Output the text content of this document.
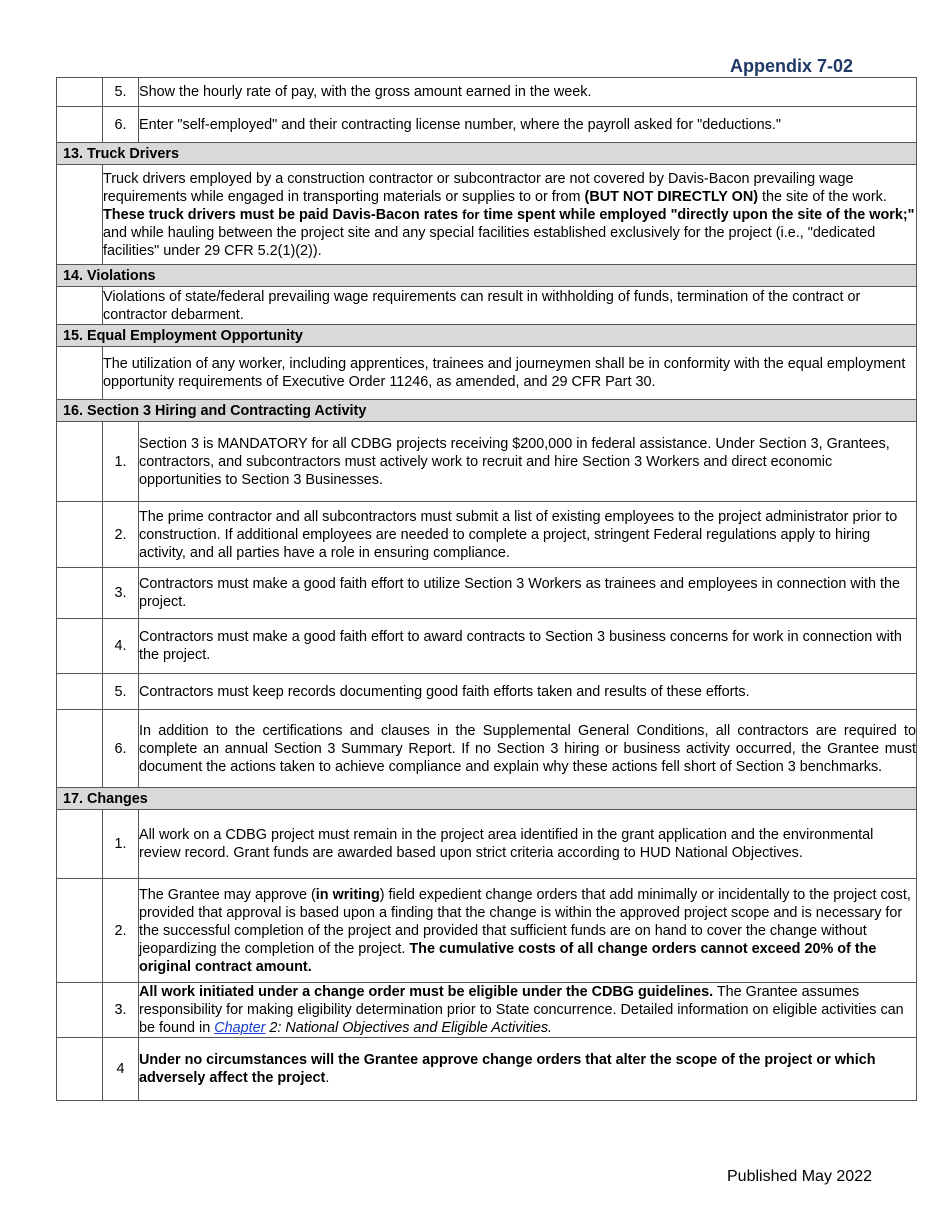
Appendix 7-02

	5.	Show the hourly rate of pay, with the gross amount earned in the week.
	6.	Enter "self-employed" and their contracting license number, where the payroll asked for "deductions."
13. Truck Drivers		
	Truck drivers employed by a construction contractor or subcontractor are not covered by Davis-Bacon prevailing wage requirements while engaged in transporting materials or supplies to or from (BUT NOT DIRECTLY ON) the site of the work. These truck drivers must be paid Davis-Bacon rates for time spent while employed "directly upon the site of the work;" and while hauling between the project site and any special facilities established exclusively for the project (i.e., "dedicated facilities" under 29 CFR 5.2(1)(2)).	
14. Violations		
	Violations of state/federal prevailing wage requirements can result in withholding of funds, termination of the contract or contractor debarment.	
15. Equal Employment Opportunity		
	The utilization of any worker, including apprentices, trainees and journeymen shall be in conformity with the equal employment opportunity requirements of Executive Order 11246, as amended, and 29 CFR Part 30.	
16. Section 3 Hiring and Contracting Activity		
	1.	Section 3 is MANDATORY for all CDBG projects receiving $200,000 in federal assistance. Under Section 3, Grantees, contractors, and subcontractors must actively work to recruit and hire Section 3 Workers and direct economic opportunities to Section 3 Businesses.
	2.	The prime contractor and all subcontractors must submit a list of existing employees to the project administrator prior to construction. If additional employees are needed to complete a project, stringent Federal regulations apply to hiring activity, and all parties have a role in ensuring compliance.
	3.	Contractors must make a good faith effort to utilize Section 3 Workers as trainees and employees in connection with the project.
	4.	Contractors must make a good faith effort to award contracts to Section 3 business concerns for work in connection with the project.
	5.	Contractors must keep records documenting good faith efforts taken and results of these efforts.
	6.	In addition to the certifications and clauses in the Supplemental General Conditions, all contractors are required to complete an annual Section 3 Summary Report. If no Section 3 hiring or business activity occurred, the Grantee must document the actions taken to achieve compliance and explain why these actions fell short of Section 3 benchmarks.
17. Changes		
	1.	All work on a CDBG project must remain in the project area identified in the grant application and the environmental review record. Grant funds are awarded based upon strict criteria according to HUD National Objectives.
	2.	The Grantee may approve (in writing) field expedient change orders that add minimally or incidentally to the project cost, provided that approval is based upon a finding that the change is within the approved project scope and is necessary for the successful completion of the project and provided that sufficient funds are on hand to cover the change without jeopardizing the completion of the project. The cumulative costs of all change orders cannot exceed 20% of the original contract amount.
	3.	All work initiated under a change order must be eligible under the CDBG guidelines. The Grantee assumes responsibility for making eligibility determination prior to State concurrence. Detailed information on eligible activities can be found in Chapter 2: National Objectives and Eligible Activities.
	4	Under no circumstances will the Grantee approve change orders that alter the scope of the project or which adversely affect the project.

Published May 2022
